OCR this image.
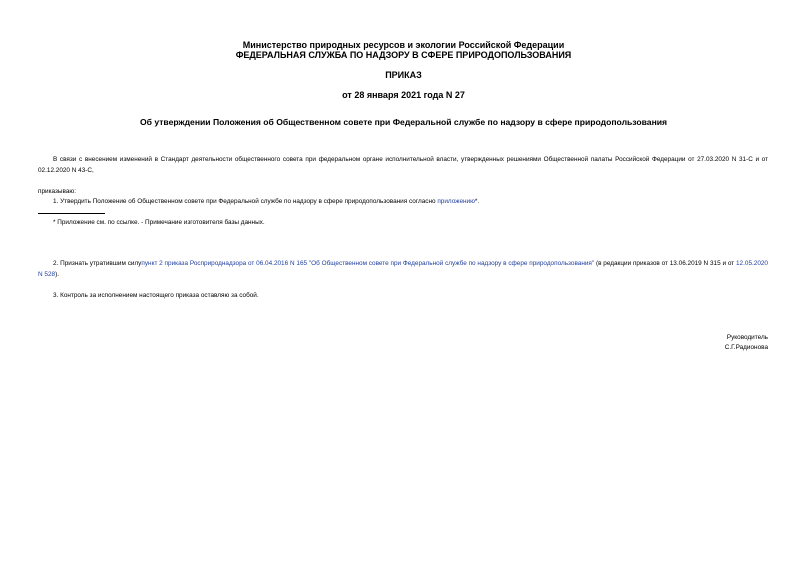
Министерство природных ресурсов и экологии Российской Федерации
ФЕДЕРАЛЬНАЯ СЛУЖБА ПО НАДЗОРУ В СФЕРЕ ПРИРОДОПОЛЬЗОВАНИЯ
ПРИКАЗ
от 28 января 2021 года N 27
Об утверждении Положения об Общественном совете при Федеральной службе по надзору в сфере природопользования
В связи с внесением изменений в Стандарт деятельности общественного совета при федеральном органе исполнительной власти, утвержденных решениями Общественной палаты Российской Федерации от 27.03.2020 N 31-С и от 02.12.2020 N 43-С,
приказываю:
1. Утвердить Положение об Общественном совете при Федеральной службе по надзору в сфере природопользования согласно приложению*.
* Приложение см. по ссылке. - Примечание изготовителя базы данных.
2. Признать утратившим силупункт 2 приказа Росприроднадзора от 06.04.2016 N 165 "Об Общественном совете при Федеральной службе по надзору в сфере природопользования" (в редакции приказов от 13.06.2019 N 315 и от 12.05.2020 N 528).
3. Контроль за исполнением настоящего приказа оставляю за собой.
Руководитель
С.Г.Радионова
